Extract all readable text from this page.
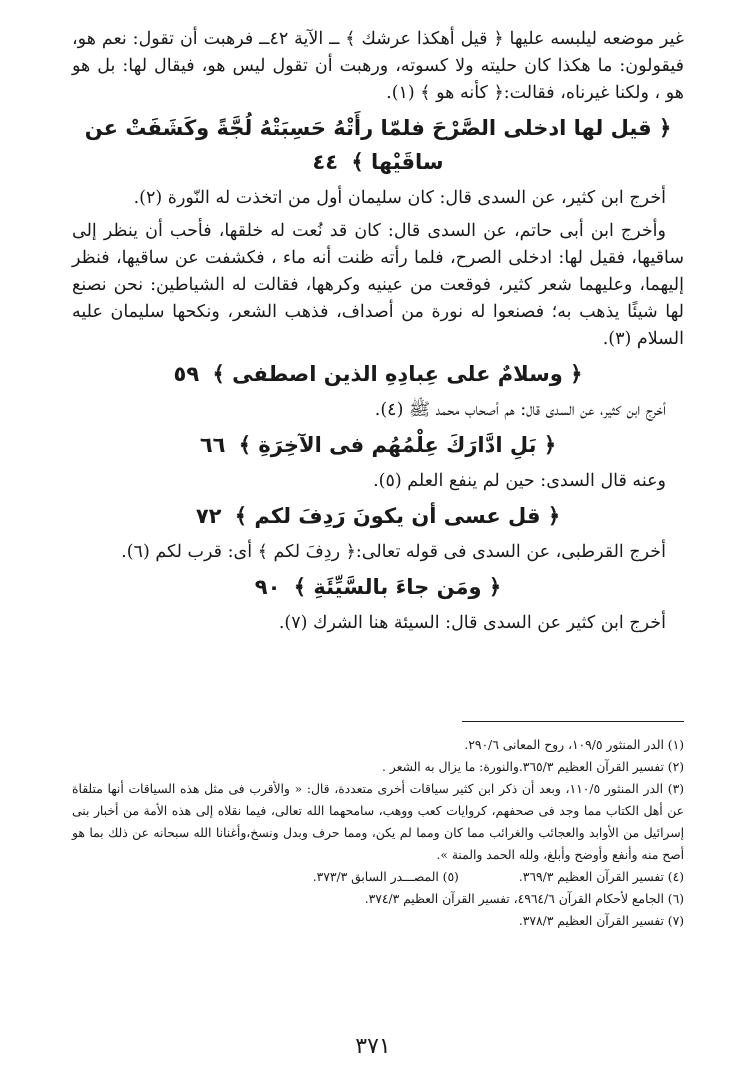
غير موضعه ليلبسه عليها ﴿ قيل أهكذا عرشك ﴾ ــ الآية ٤٢ــ فرهبت أن تقول: نعم هو، فيقولون: ما هكذا كان حليته ولا كسوته، ورهبت أن تقول ليس هو، فيقال لها: بل هو هو ، ولكنا غيرناه، فقالت:﴿ كأنه هو ﴾ (١).

﴿ قيل لها ادخلى الصَّرْحَ فلمّا رأَتْهُ حَسِبَتْهُ لُجَّةً وكَشَفَتْ عن ساقَيْها ﴾ ٤٤

أخرج ابن كثير، عن السدى قال: كان سليمان أول من اتخذت له النّورة (٢).

وأخرج ابن أبى حاتم، عن السدى قال: كان قد نُعت له خلقها، فأحب أن ينظر إلى ساقيها، فقيل لها: ادخلى الصرح، فلما رأته ظنت أنه ماء ، فكشفت عن ساقيها، فنظر إليهما، وعليهما شعر كثير، فوقعت من عينيه وكرهها، فقالت له الشياطين: نحن نصنع لها شيئًا يذهب به؛ فصنعوا له نورة من أصداف، فذهب الشعر، ونكحها سليمان عليه السلام (٣).

﴿ وسلامٌ على عِبادِهِ الذين اصطفى ﴾ ٥٩

أخرج ابن كثير، عن السدى قال: هم أصحاب محمد ﷺ (٤).

﴿ بَلِ ادَّارَكَ عِلْمُهُم فى الآخِرَةِ ﴾ ٦٦

وعنه قال السدى: حين لم ينفع العلم (٥).

﴿ قل عسى أن يكونَ رَدِفَ لكم ﴾ ٧٢

أخرج القرطبى، عن السدى فى قوله تعالى:﴿ ردِفَ لكم ﴾ أى: قرب لكم (٦).

﴿ ومَن جاءَ بالسَّيِّئَةِ ﴾ ٩٠

أخرج ابن كثير عن السدى قال: السيئة هنا الشرك (٧).

(١) الدر المنثور ١٠٩/٥، روح المعانى ٢٩٠/٦.

(٢) تفسير القرآن العظيم ٣٦٥/٣.والنورة: ما يزال به الشعر .

(٣) الدر المنثور ١١٠/٥، وبعد أن ذكر ابن كثير سياقات أخرى متعددة، قال: « والأقرب فى مثل هذه السياقات أنها متلقاة عن أهل الكتاب مما وجد فى صحفهم، كروايات كعب ووهب، سامحهما الله تعالى، فيما نقلاه إلى هذه الأمة من أخبار بنى إسرائيل من الأوابد والعجائب والغرائب مما كان ومما لم يكن، ومما حرف وبدل ونسخ،وأغنانا الله سبحانه عن ذلك بما هو أصح منه وأنفع وأوضح وأبلغ، ولله الحمد والمنة ».

(٤) تفسير القرآن العظيم ٣٦٩/٣.
(٥) المصـــدر السابق ٣٧٣/٣.

(٦) الجامع لأحكام القرآن ٤٩٦٤/٦، تفسير القرآن العظيم ٣٧٤/٣.

(٧) تفسير القرآن العظيم ٣٧٨/٣.

٣٧١
